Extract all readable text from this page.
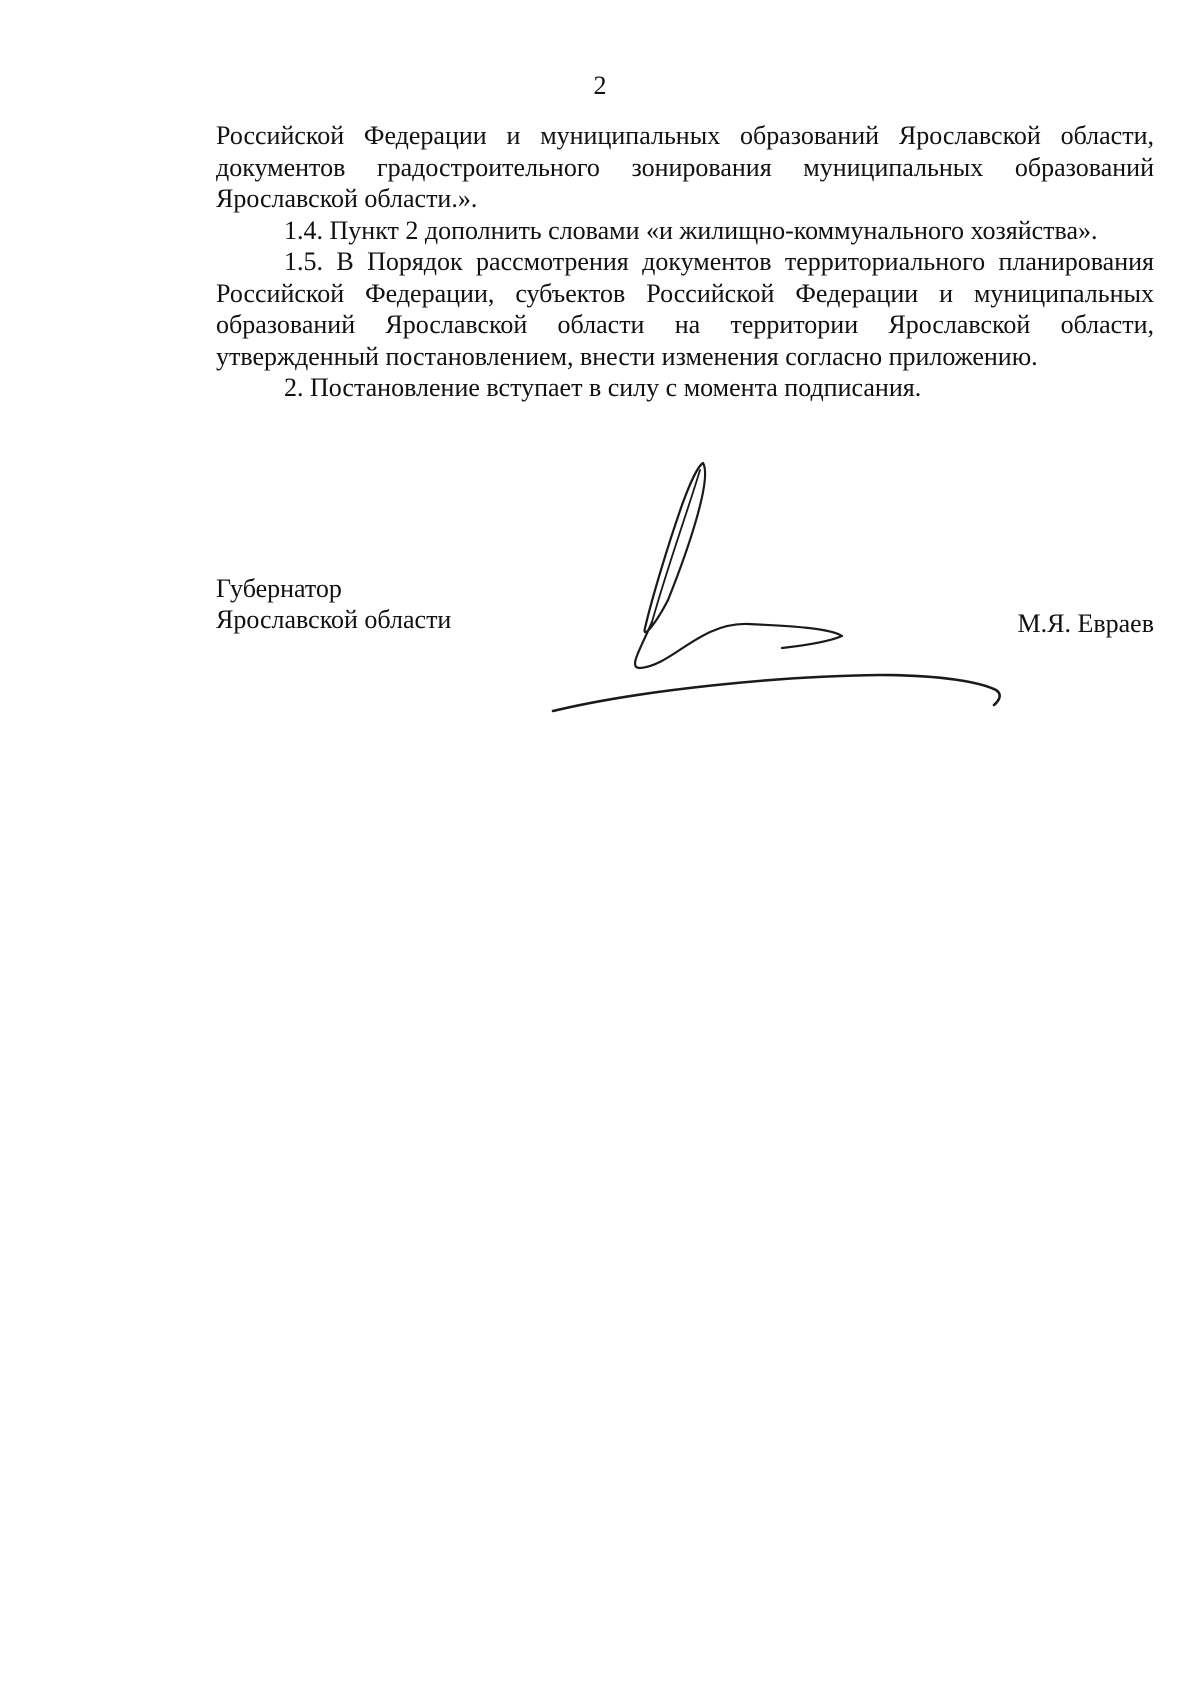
2

Российской Федерации и муниципальных образований Ярославской области, документов градостроительного зонирования муниципальных образований Ярославской области.».

1.4. Пункт 2 дополнить словами «и жилищно-коммунального хозяйства».

1.5. В Порядок рассмотрения документов территориального планирования Российской Федерации, субъектов Российской Федерации и муниципальных образований Ярославской области на территории Ярославской области, утвержденный постановлением, внести изменения согласно приложению.

2. Постановление вступает в силу с момента подписания.

Губернатор
Ярославской области	М.Я. Евраев
